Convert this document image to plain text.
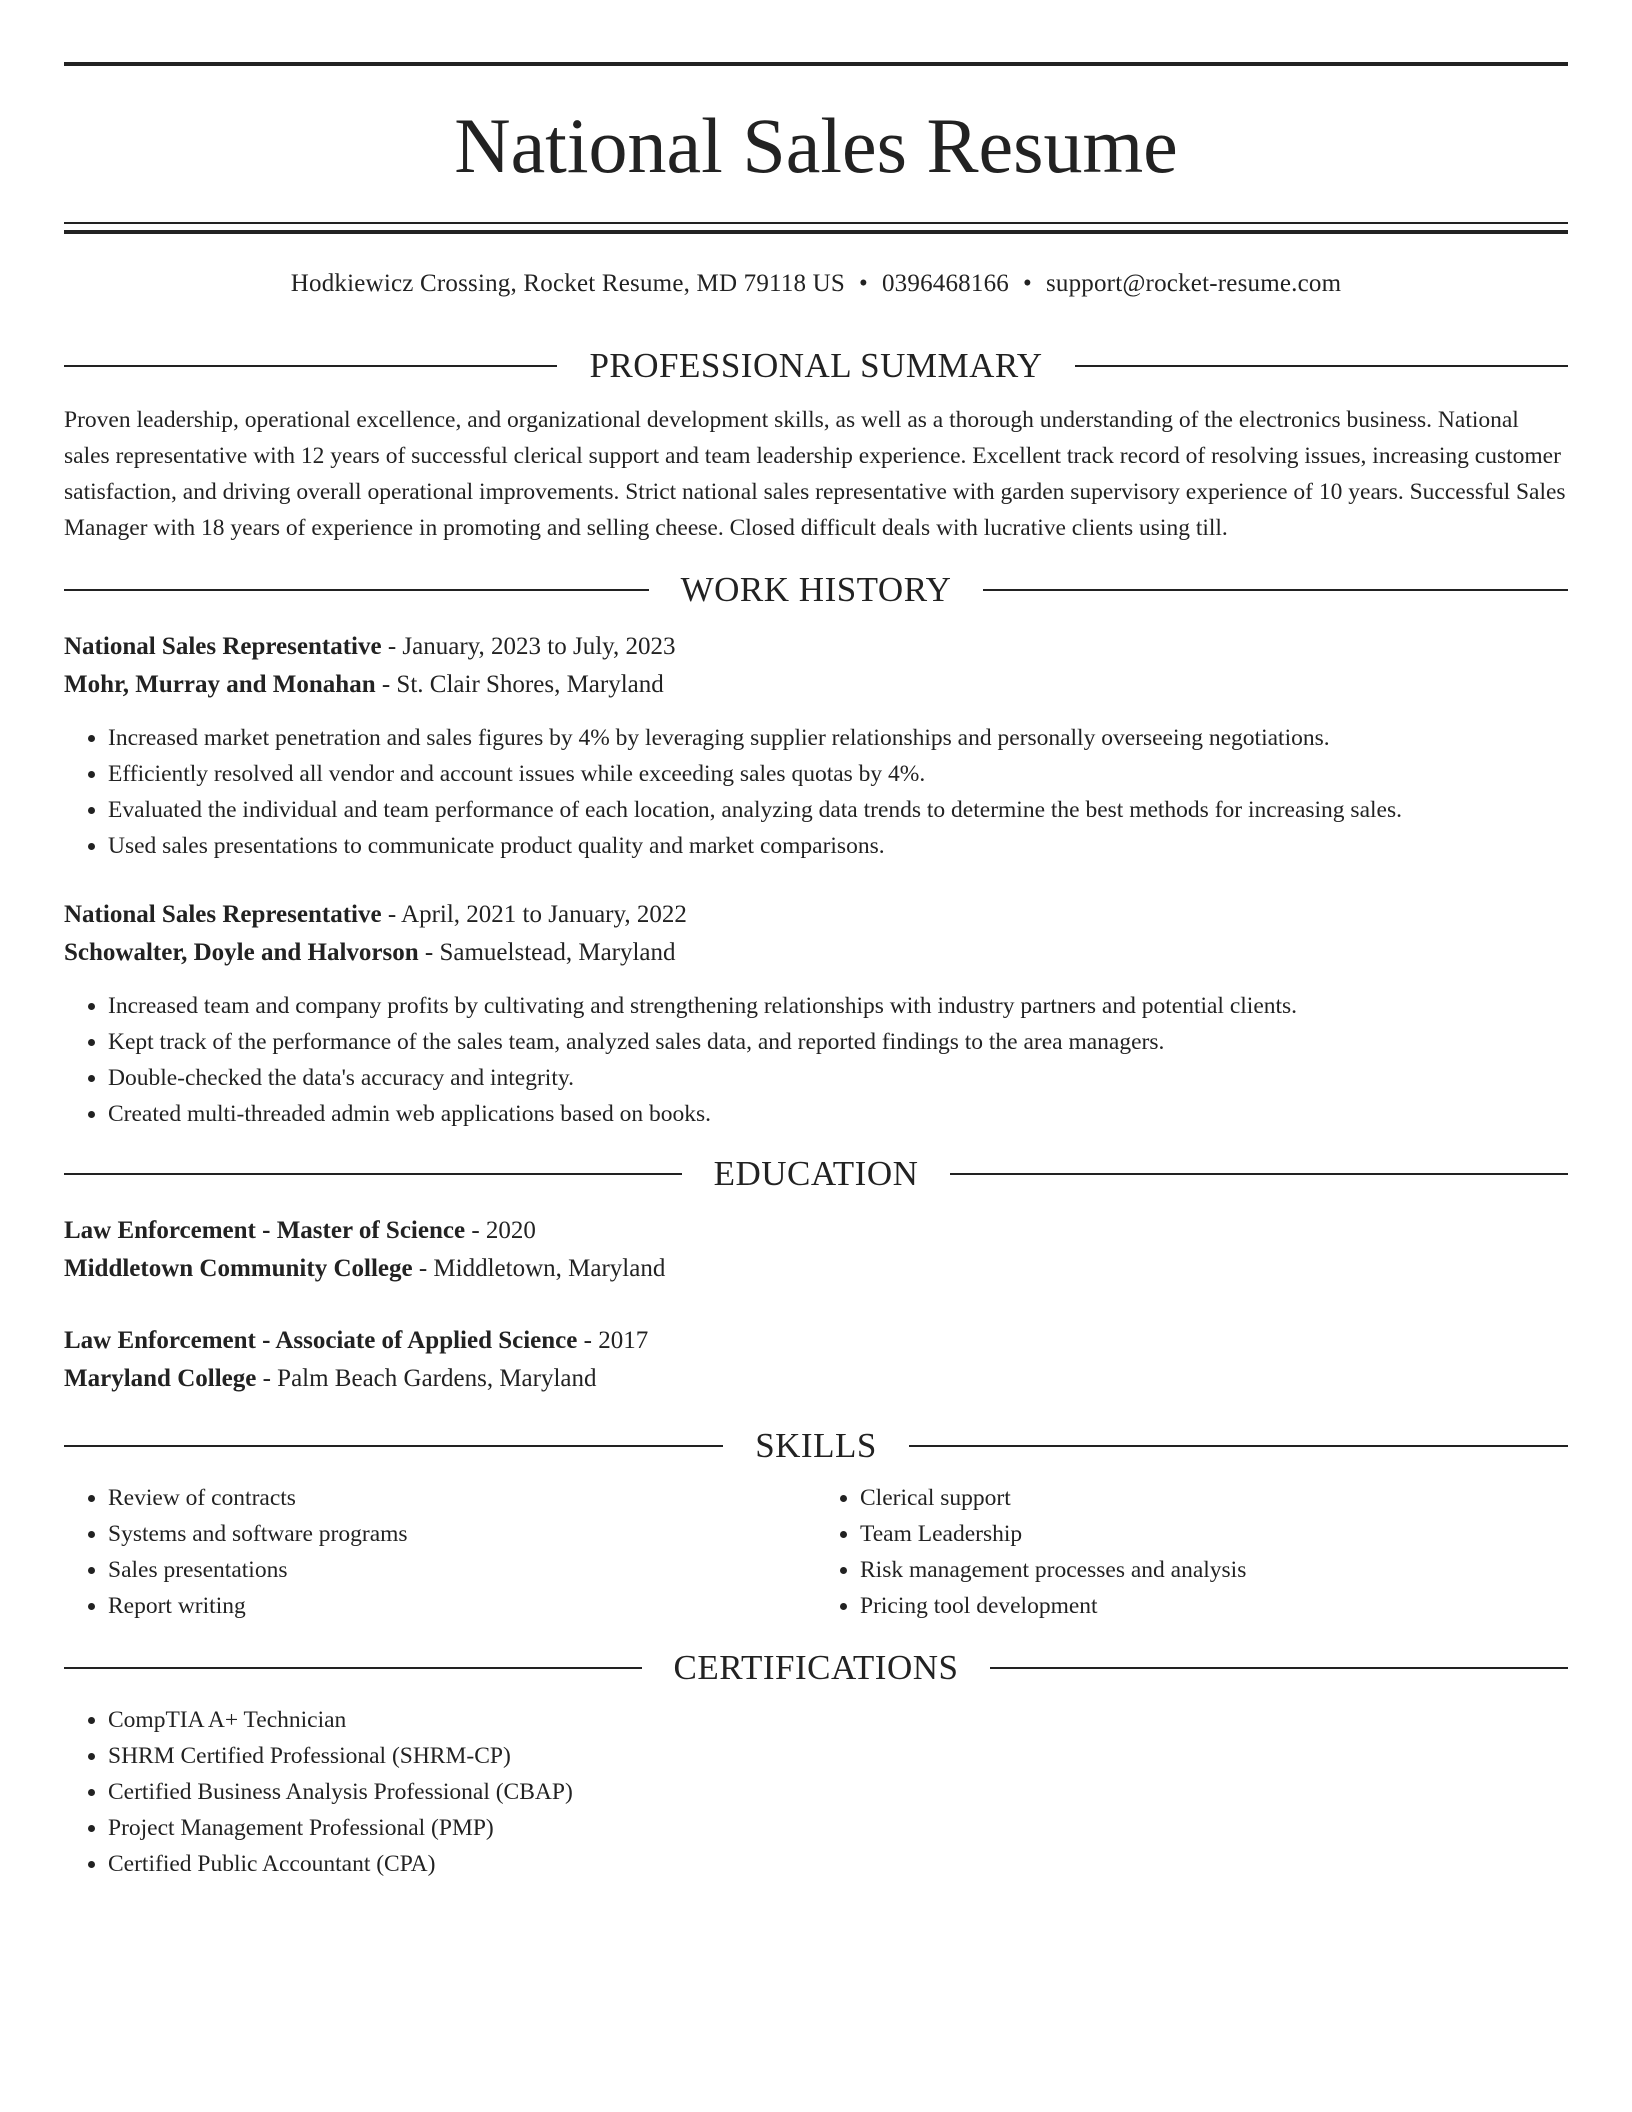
National Sales Resume
Hodkiewicz Crossing, Rocket Resume, MD 79118 US • 0396468166 • support@rocket-resume.com
PROFESSIONAL SUMMARY

Proven leadership, operational excellence, and organizational development skills, as well as a thorough understanding of the electronics business. National sales representative with 12 years of successful clerical support and team leadership experience. Excellent track record of resolving issues, increasing customer satisfaction, and driving overall operational improvements. Strict national sales representative with garden supervisory experience of 10 years. Successful Sales Manager with 18 years of experience in promoting and selling cheese. Closed difficult deals with lucrative clients using till.

WORK HISTORY

National Sales Representative - January, 2023 to July, 2023

Mohr, Murray and Monahan - St. Clair Shores, Maryland

• Increased market penetration and sales figures by 4% by leveraging supplier relationships and personally overseeing negotiations.
• Efficiently resolved all vendor and account issues while exceeding sales quotas by 4%.
• Evaluated the individual and team performance of each location, analyzing data trends to determine the best methods for increasing sales.
• Used sales presentations to communicate product quality and market comparisons.

National Sales Representative - April, 2021 to January, 2022

Schowalter, Doyle and Halvorson - Samuelstead, Maryland

• Increased team and company profits by cultivating and strengthening relationships with industry partners and potential clients.
• Kept track of the performance of the sales team, analyzed sales data, and reported findings to the area managers.
• Double-checked the data's accuracy and integrity.
• Created multi-threaded admin web applications based on books.
EDUCATION

Law Enforcement - Master of Science - 2020

Middletown Community College - Middletown, Maryland

Law Enforcement - Associate of Applied Science - 2017

Maryland College - Palm Beach Gardens, Maryland

SKILLS
• Review of contracts
• Systems and software programs
• Sales presentations
• Report writing
• Clerical support
• Team Leadership
• Risk management processes and analysis
• Pricing tool development
CERTIFICATIONS
• CompTIA A+ Technician
• SHRM Certified Professional (SHRM-CP)
• Certified Business Analysis Professional (CBAP)
• Project Management Professional (PMP)
• Certified Public Accountant (CPA)
